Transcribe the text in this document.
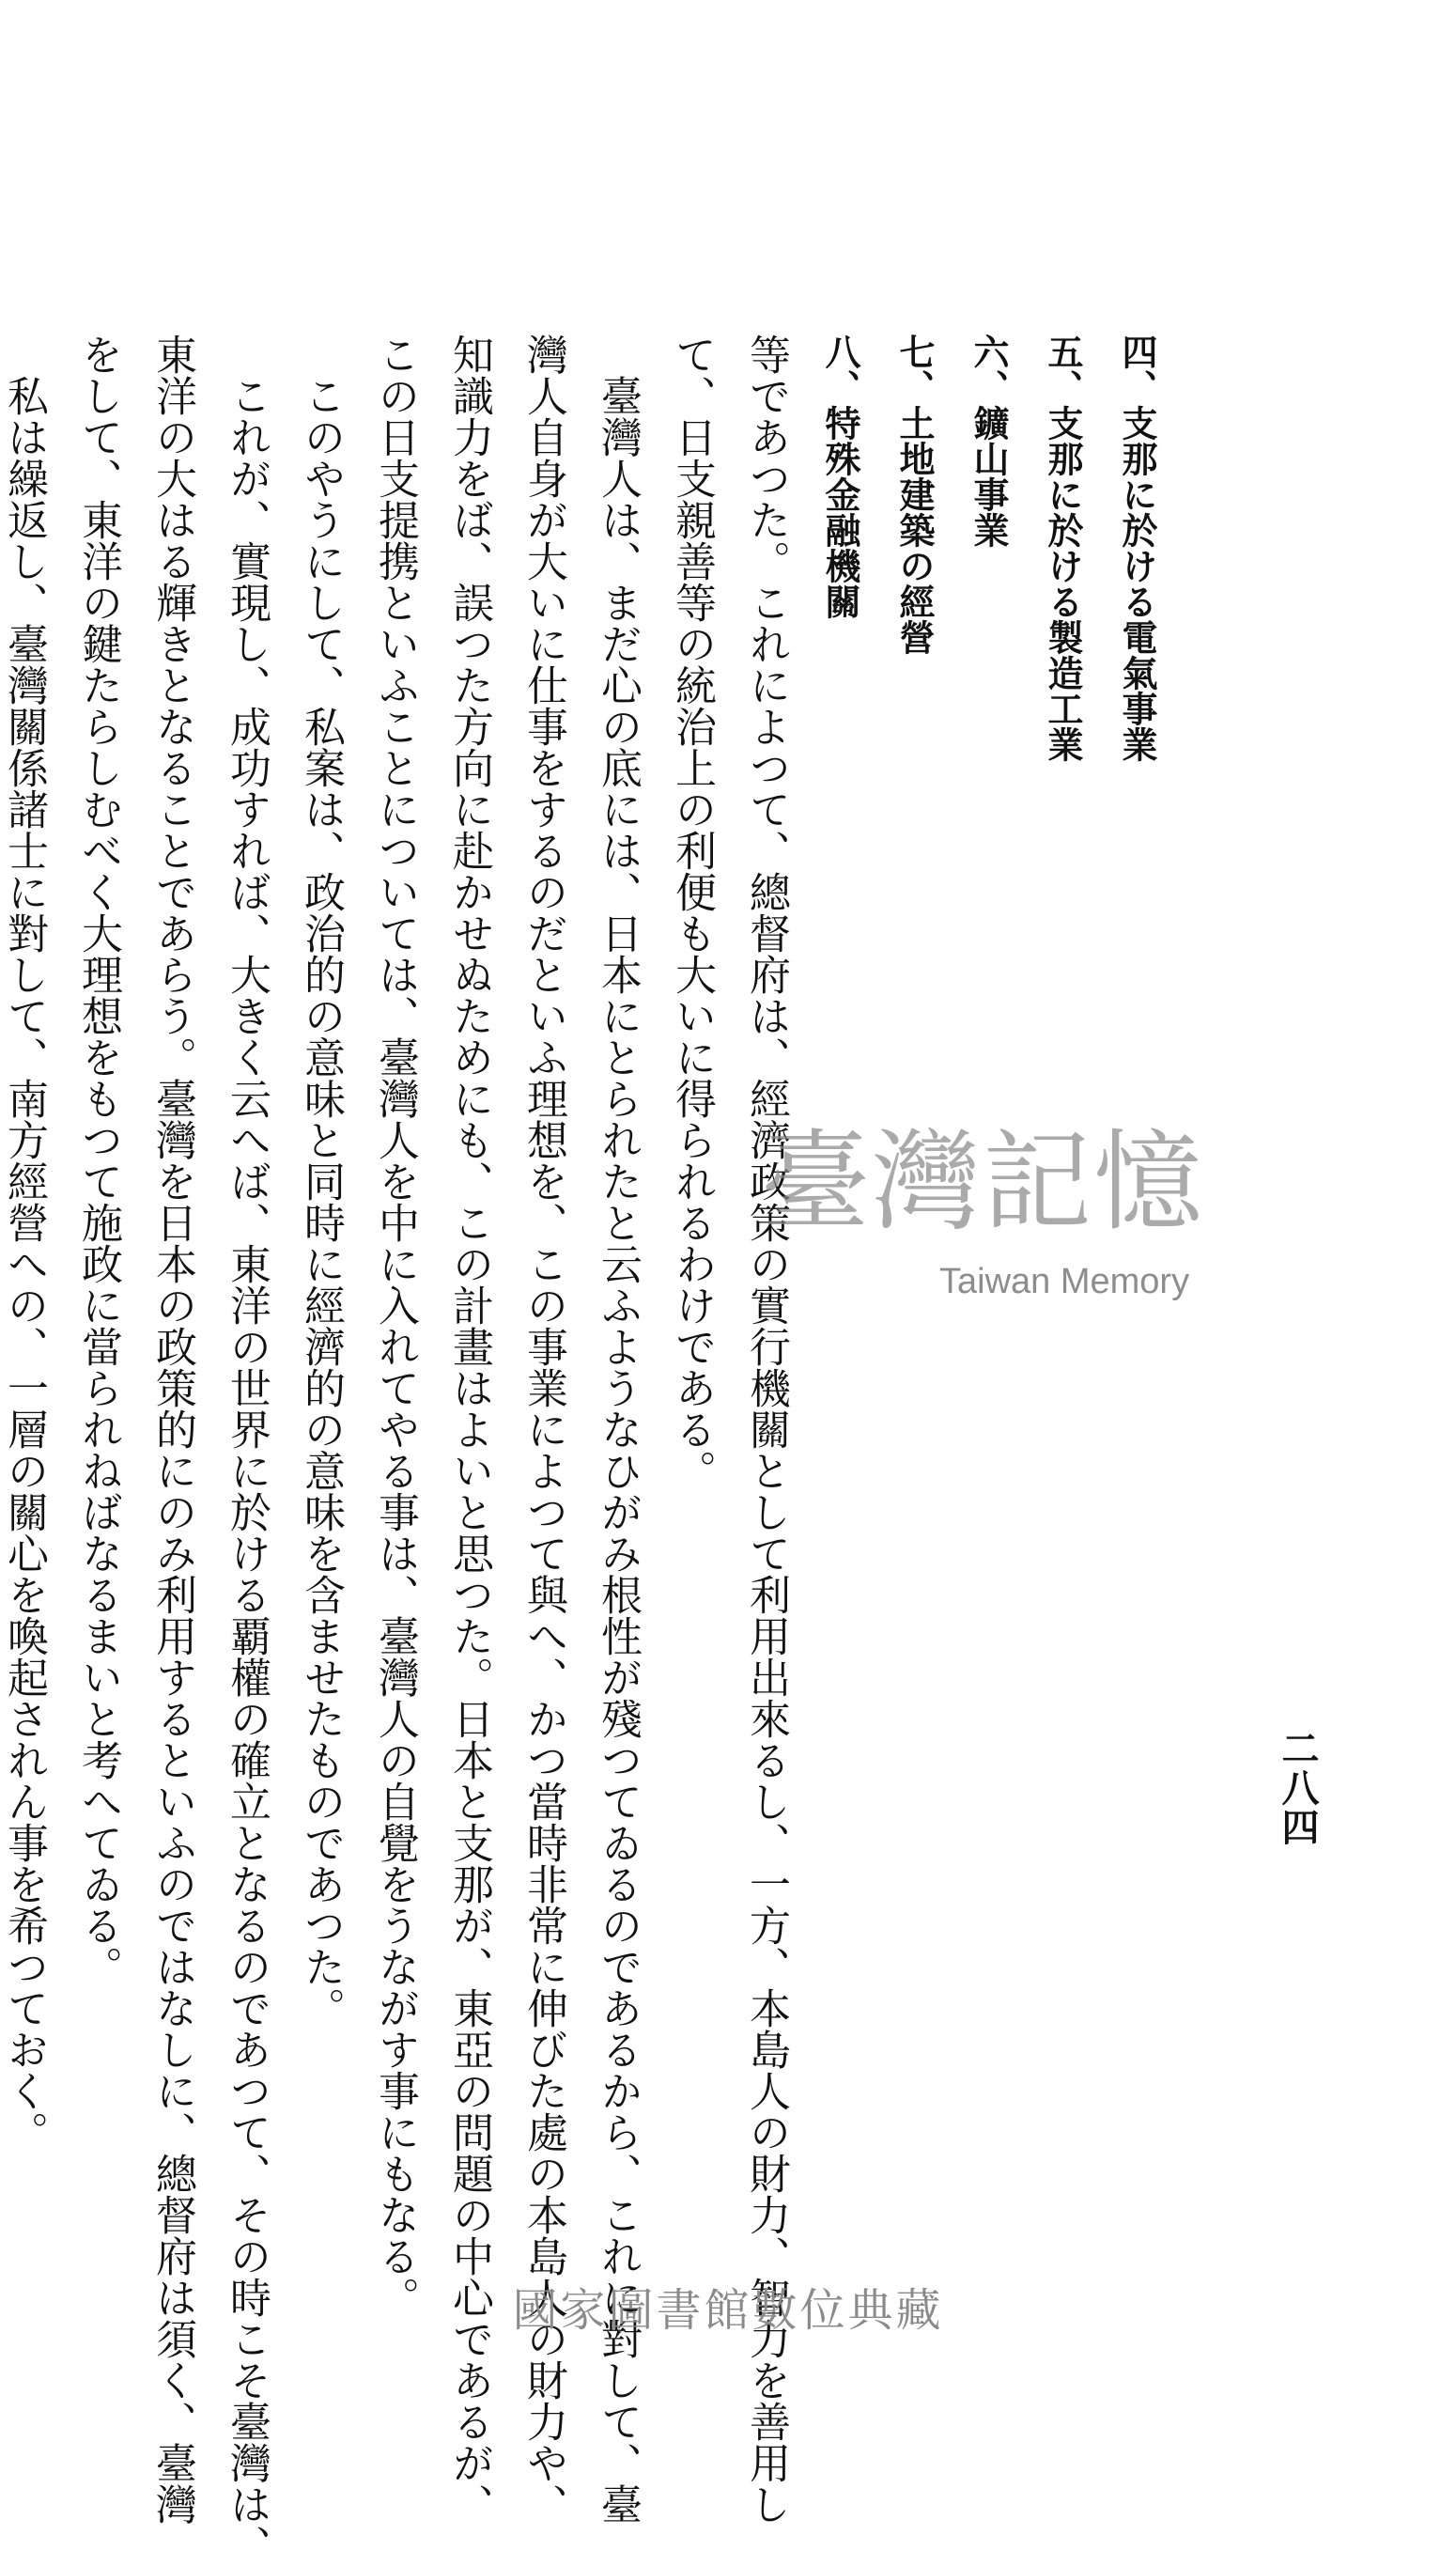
四、支那に於ける電氣事業
五、支那に於ける製造工業
六、鑛山事業
七、土地建築の經營
八、特殊金融機關
等であつた。これによつて、總督府は、經濟政策の實行機關として利用出來るし、一方、本島人の財力、智力を善用し
て、日支親善等の統治上の利便も大いに得られるわけである。
臺灣人は、まだ心の底には、日本にとられたと云ふようなひがみ根性が殘つてゐるのであるから、これに對して、臺
灣人自身が大いに仕事をするのだといふ理想を、この事業によつて與へ、かつ當時非常に伸びた處の本島人の財力や、
知識力をば、誤つた方向に赴かせぬためにも、この計畫はよいと思つた。日本と支那が、東亞の問題の中心であるが、
この日支提携といふことについては、臺灣人を中に入れてやる事は、臺灣人の自覺をうながす事にもなる。
このやうにして、私案は、政治的の意味と同時に經濟的の意味を含ませたものであつた。
これが、實現し、成功すれば、大きく云へば、東洋の世界に於ける覇權の確立となるのであつて、その時こそ臺灣は、
東洋の大はる輝きとなることであらう。臺灣を日本の政策的にのみ利用するといふのではなしに、總督府は須く、臺灣
をして、東洋の鍵たらしむべく大理想をもつて施政に當られねばなるまいと考へてゐる。
私は繰返し、臺灣關係諸士に對して、南方經營への、一層の關心を喚起されん事を希つておく。	二八四
臺灣記憶
Taiwan Memory
國家圖書館數位典藏
